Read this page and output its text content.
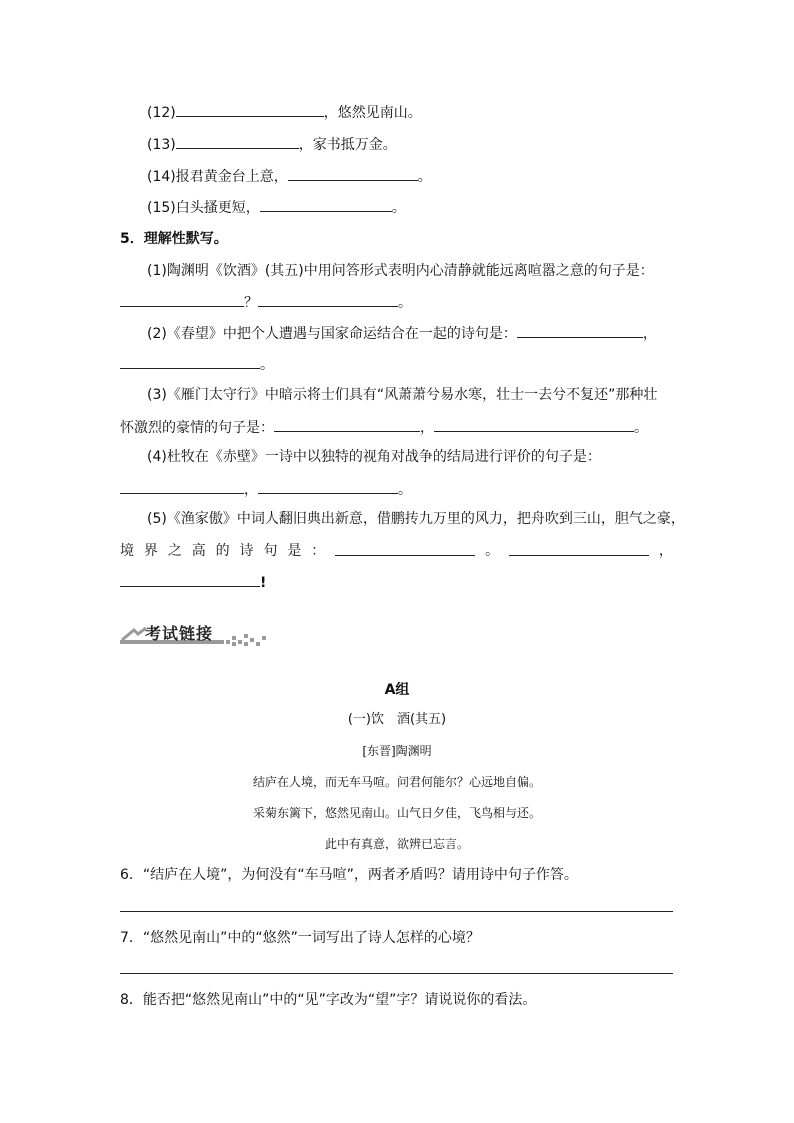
(12)	，悠然见南山。
(13)	，家书抵万金。
(14)报君黄金台上意，	。
(15)白头搔更短，	。
5．理解性默写。
(1)陶渊明《饮酒》(其五)中用问答形式表明内心清静就能远离喧嚣之意的句子是：
？	。
(2)《春望》中把个人遭遇与国家命运结合在一起的诗句是：	，
。
(3)《雁门太守行》中暗示将士们具有“风萧萧兮易水寒，壮士一去兮不复还”那种壮
怀激烈的豪情的句子是：	，	。
(4)杜牧在《赤壁》一诗中以独特的视角对战争的结局进行评价的句子是：
，	。
(5)《渔家傲》中词人翻旧典出新意，借鹏抟九万里的风力，把舟吹到三山，胆气之豪，
境 界 之 高 的 诗 句 是 ：	。	，
!
考试链接
A组
(一)饮　酒(其五)
[东晋]陶渊明
结庐在人境，而无车马喧。问君何能尔？心远地自偏。
采菊东篱下，悠然见南山。山气日夕佳，飞鸟相与还。
此中有真意，欲辨已忘言。
6．“结庐在人境”，为何没有“车马喧”，两者矛盾吗？请用诗中句子作答。
7．“悠然见南山”中的“悠然”一词写出了诗人怎样的心境？
8．能否把“悠然见南山”中的“见”字改为“望”字？请说说你的看法。
